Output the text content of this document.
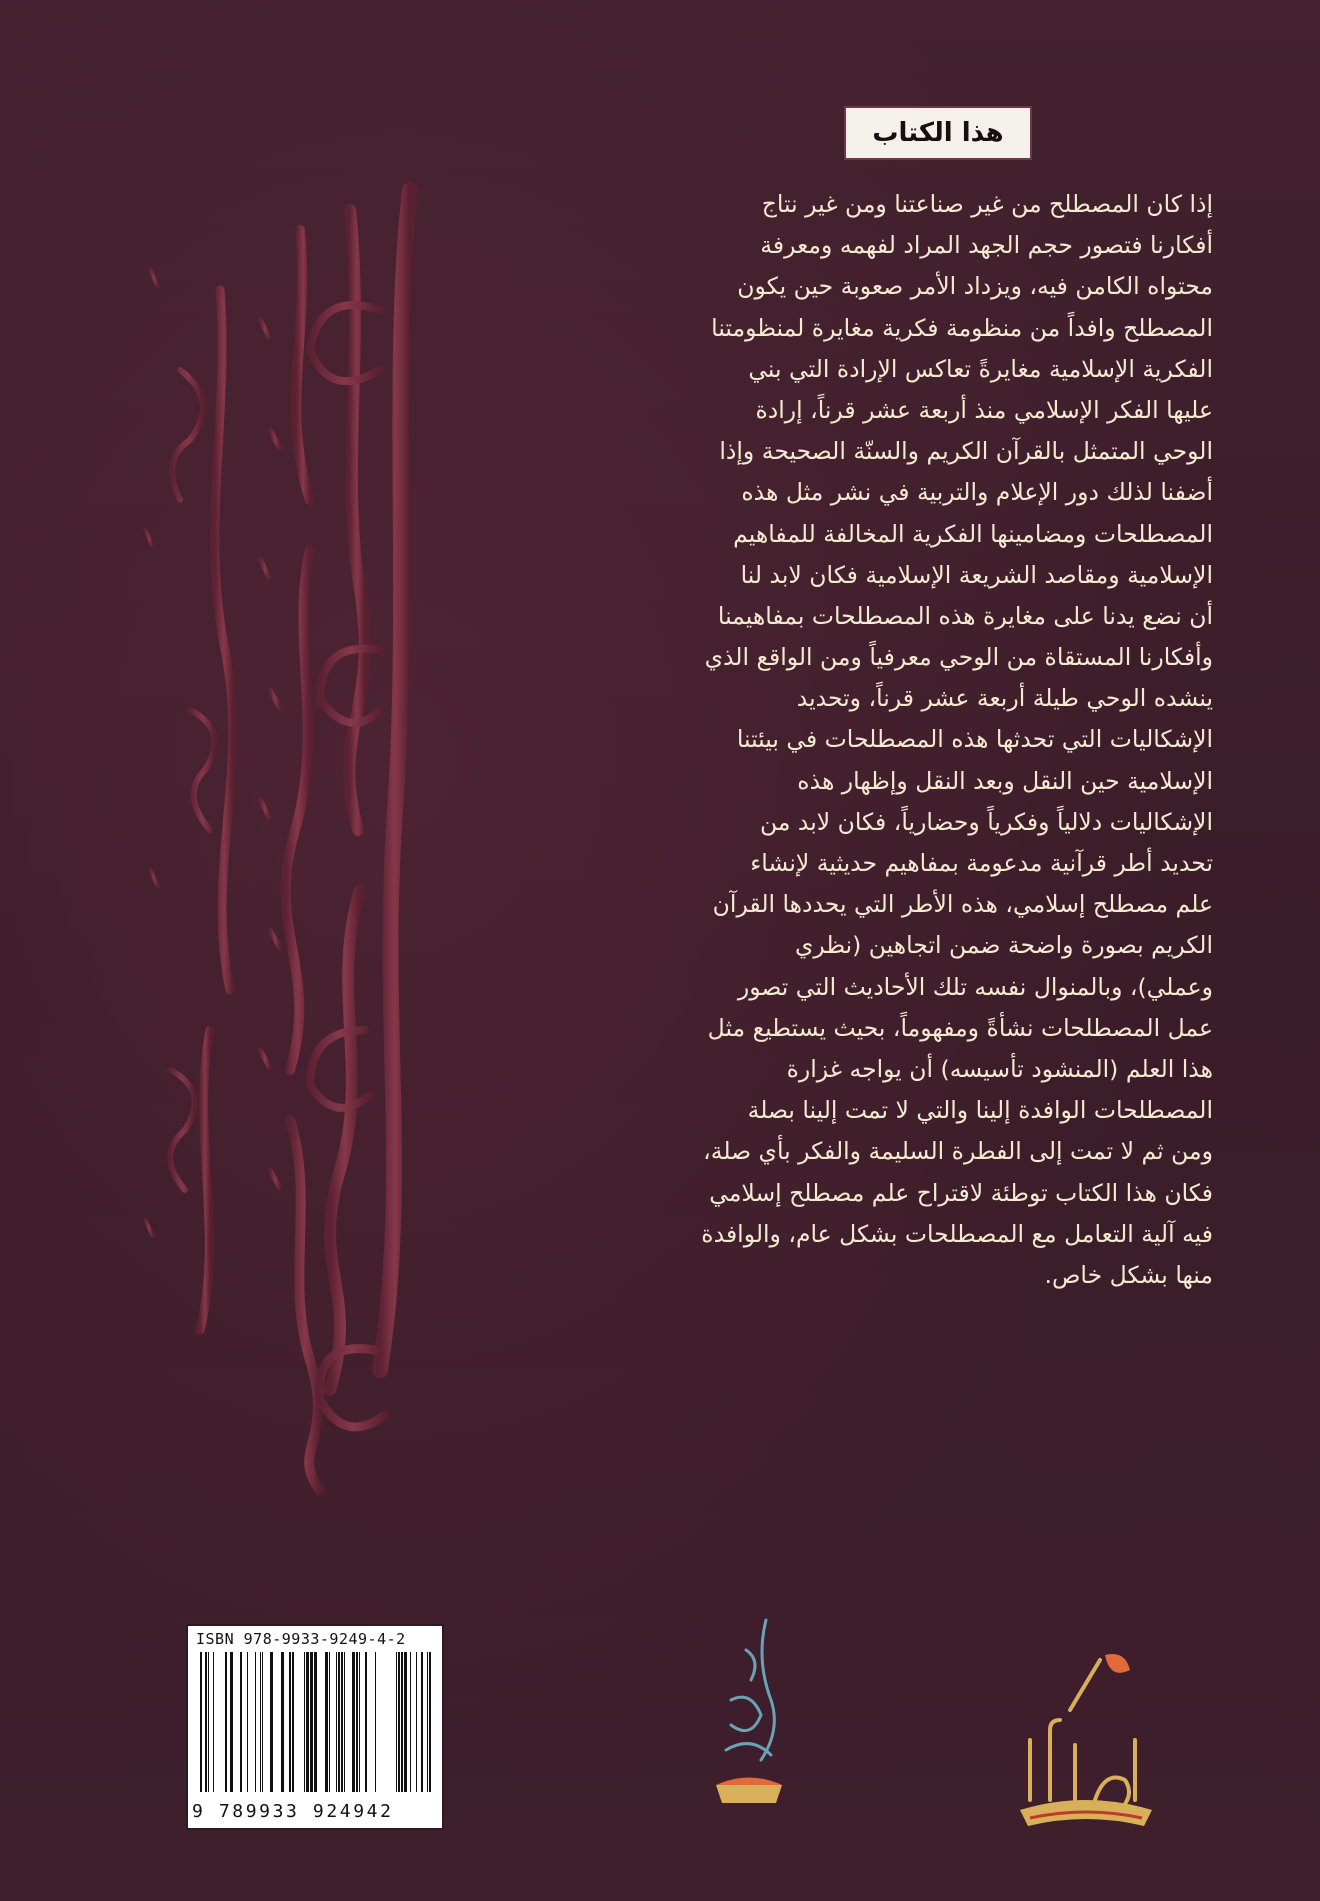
هذا الكتاب
إذا كان المصطلح من غير صناعتنا ومن غير نتاج
أفكارنا فتصور حجم الجهد المراد لفهمه ومعرفة
محتواه الكامن فيه، ويزداد الأمر صعوبة حين يكون
المصطلح وافداً من منظومة فكرية مغايرة لمنظومتنا
الفكرية الإسلامية مغايرةً تعاكس الإرادة التي بني
عليها الفكر الإسلامي منذ أربعة عشر قرناً، إرادة
الوحي المتمثل بالقرآن الكريم والسنّة الصحيحة وإذا
أضفنا لذلك دور الإعلام والتربية في نشر مثل هذه
المصطلحات ومضامينها الفكرية المخالفة للمفاهيم
الإسلامية ومقاصد الشريعة الإسلامية فكان لابد لنا
أن نضع يدنا على مغايرة هذه المصطلحات بمفاهيمنا
وأفكارنا المستقاة من الوحي معرفياً ومن الواقع الذي
ينشده الوحي طيلة أربعة عشر قرناً، وتحديد
الإشكاليات التي تحدثها هذه المصطلحات في بيئتنا
الإسلامية حين النقل وبعد النقل وإظهار هذه
الإشكاليات دلالياً وفكرياً وحضارياً، فكان لابد من
تحديد أطر قرآنية مدعومة بمفاهيم حديثية لإنشاء
علم مصطلح إسلامي، هذه الأطر التي يحددها القرآن
الكريم بصورة واضحة ضمن اتجاهين (نظري
وعملي)، وبالمنوال نفسه تلك الأحاديث التي تصور
عمل المصطلحات نشأةً ومفهوماً، بحيث يستطيع مثل
هذا العلم (المنشود تأسيسه) أن يواجه غزارة
المصطلحات الوافدة إلينا والتي لا تمت إلينا بصلة
ومن ثم لا تمت إلى الفطرة السليمة والفكر بأي صلة،
فكان هذا الكتاب توطئة لاقتراح علم مصطلح إسلامي
فيه آلية التعامل مع المصطلحات بشكل عام، والوافدة
منها بشكل خاص.
ISBN 978-9933-9249-4-2
9 789933 924942
